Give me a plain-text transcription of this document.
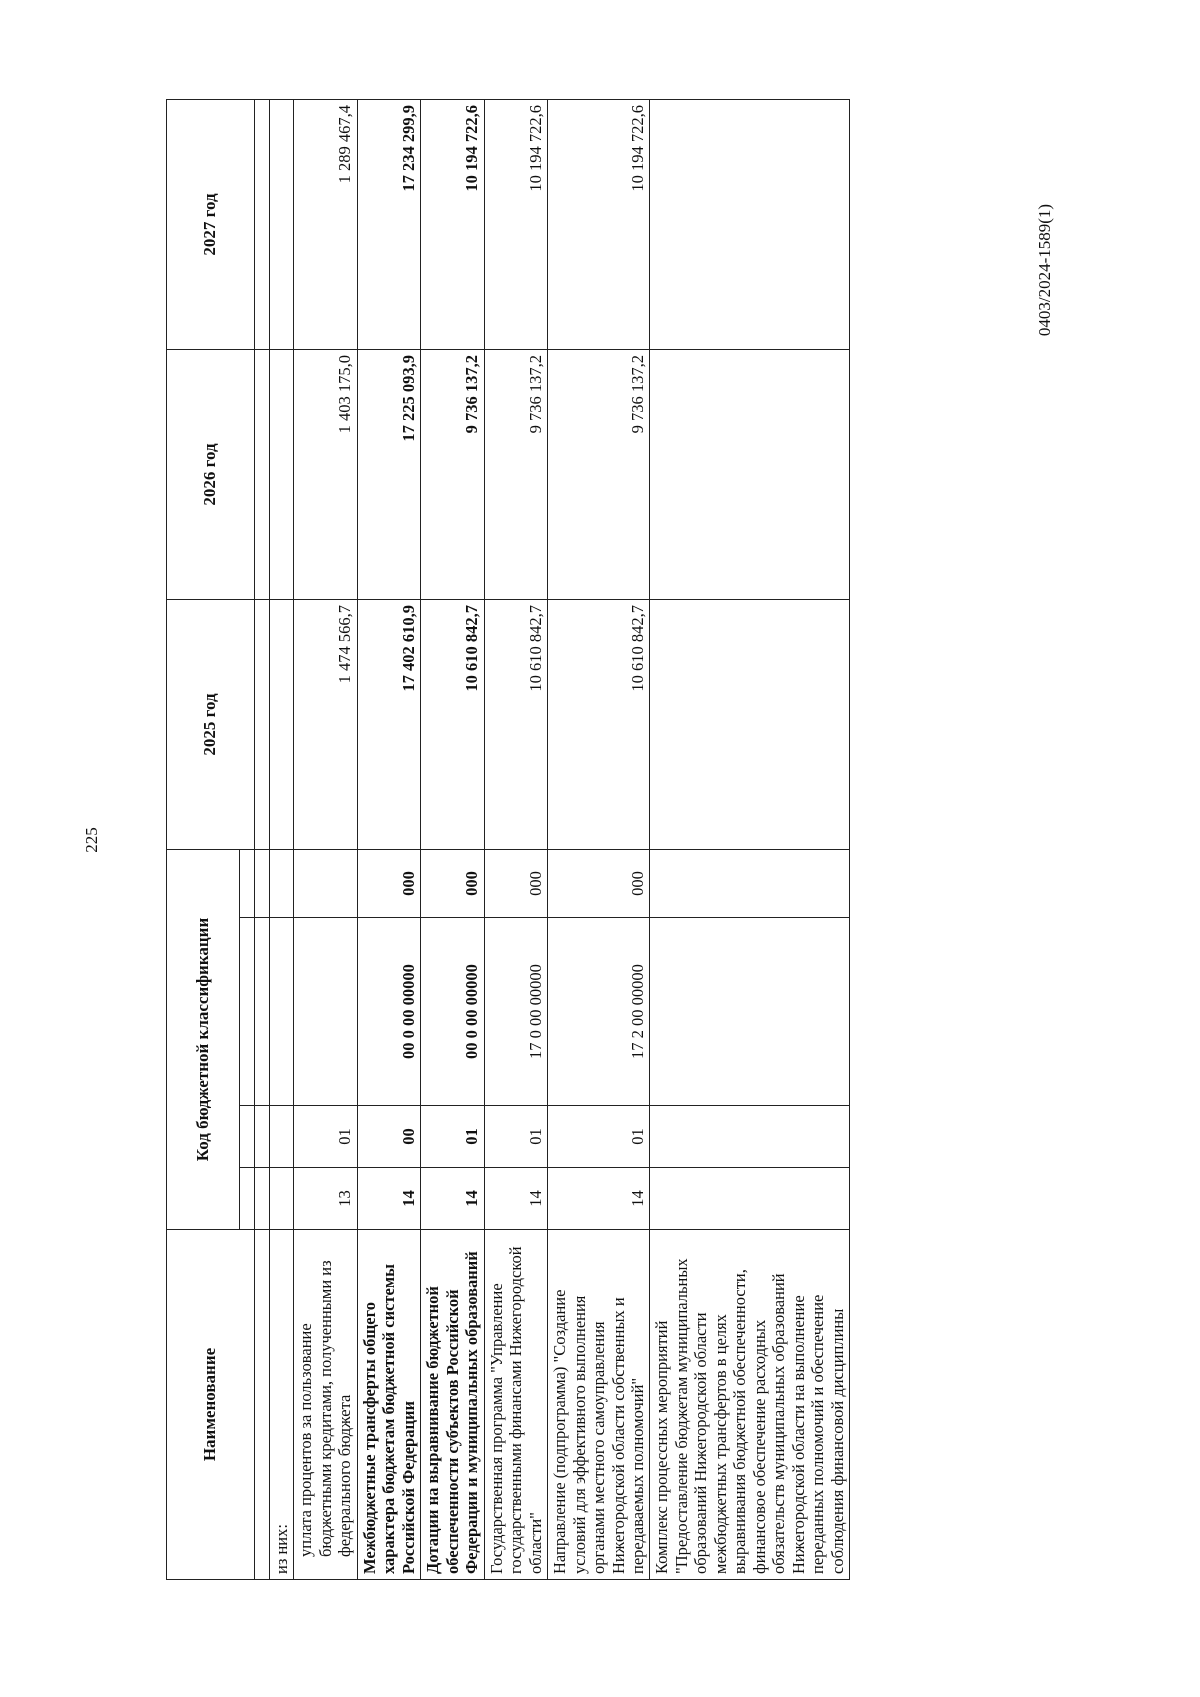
225
0403/2024-1589(1)
Наименование	Код бюджетной классификации				2025 год	2026 год	2027 год

из них:							
уплата процентов за пользование бюджетными кредитами, полученными из федерального бюджета	13	01			1 474 566,7	1 403 175,0	1 289 467,4
Межбюджетные трансферты общего характера бюджетам бюджетной системы Российской Федерации	14	00	00 0 00 00000	000	17 402 610,9	17 225 093,9	17 234 299,9
Дотации на выравнивание бюджетной обеспеченности субъектов Российской Федерации и муниципальных образований	14	01	00 0 00 00000	000	10 610 842,7	9 736 137,2	10 194 722,6
Государственная программа "Управление государственными финансами Нижегородской области"	14	01	17 0 00 00000	000	10 610 842,7	9 736 137,2	10 194 722,6
Направление (подпрограмма) "Создание условий для эффективного выполнения органами местного самоуправления Нижегородской области собственных и передаваемых полномочий"	14	01	17 2 00 00000	000	10 610 842,7	9 736 137,2	10 194 722,6
Комплекс процессных мероприятий "Предоставление бюджетам муниципальных образований Нижегородской области межбюджетных трансфертов в целях выравнивания бюджетной обеспеченности, финансовое обеспечение расходных обязательств муниципальных образований Нижегородской области на выполнение переданных полномочий и обеспечение соблюдения финансовой дисциплины							
